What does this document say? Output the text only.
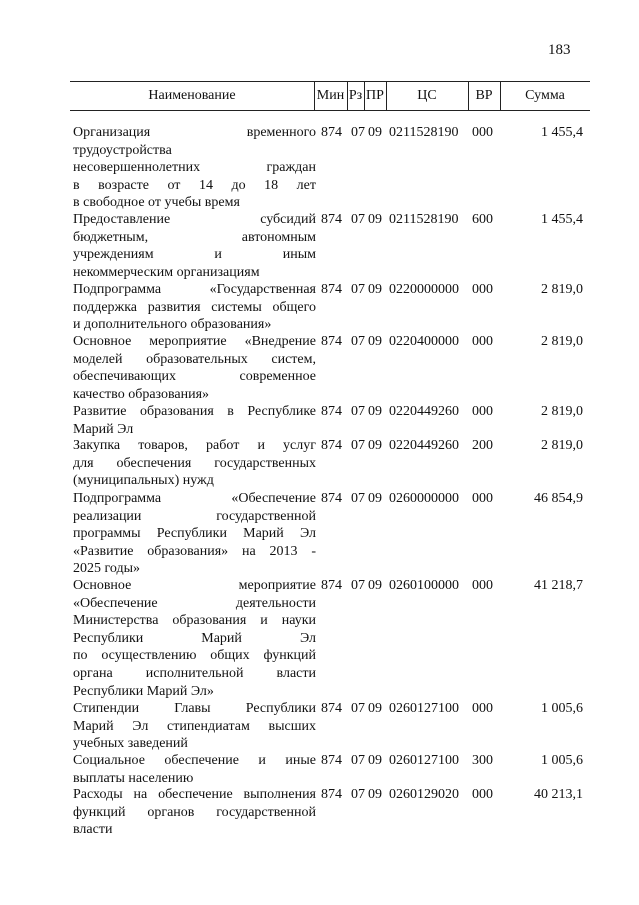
183
Наименование	Мин Рз ПР	ЦС	ВР	Сумма
Организация временного
трудоустройства
несовершеннолетних граждан
в возрасте от 14 до 18 лет
в свободное от учебы время
874 07 09 0211528190 000	1 455,4
Предоставление субсидий
бюджетным, автономным
учреждениям и иным
некоммерческим организациям
874 07 09 0211528190 600	1 455,4
Подпрограмма «Государственная
поддержка развития системы общего
и дополнительного образования»
874 07 09 0220000000 000	2 819,0
Основное мероприятие «Внедрение
моделей образовательных систем,
обеспечивающих современное
качество образования»
874 07 09 0220400000 000	2 819,0
Развитие образования в Республике
Марий Эл
874 07 09 0220449260 000	2 819,0
Закупка товаров, работ и услуг
для обеспечения государственных
(муниципальных) нужд
874 07 09 0220449260 200	2 819,0
Подпрограмма «Обеспечение
реализации государственной
программы Республики Марий Эл
«Развитие образования» на 2013 -
2025 годы»
874 07 09 0260000000 000	46 854,9
Основное мероприятие
«Обеспечение деятельности
Министерства образования и науки
Республики Марий Эл
по осуществлению общих функций
органа исполнительной власти
Республики Марий Эл»
874 07 09 0260100000 000	41 218,7
Стипендии Главы Республики
Марий Эл стипендиатам высших
учебных заведений
874 07 09 0260127100 000	1 005,6
Социальное обеспечение и иные
выплаты населению
874 07 09 0260127100 300	1 005,6
Расходы на обеспечение выполнения
функций органов государственной
власти
874 07 09 0260129020 000	40 213,1
